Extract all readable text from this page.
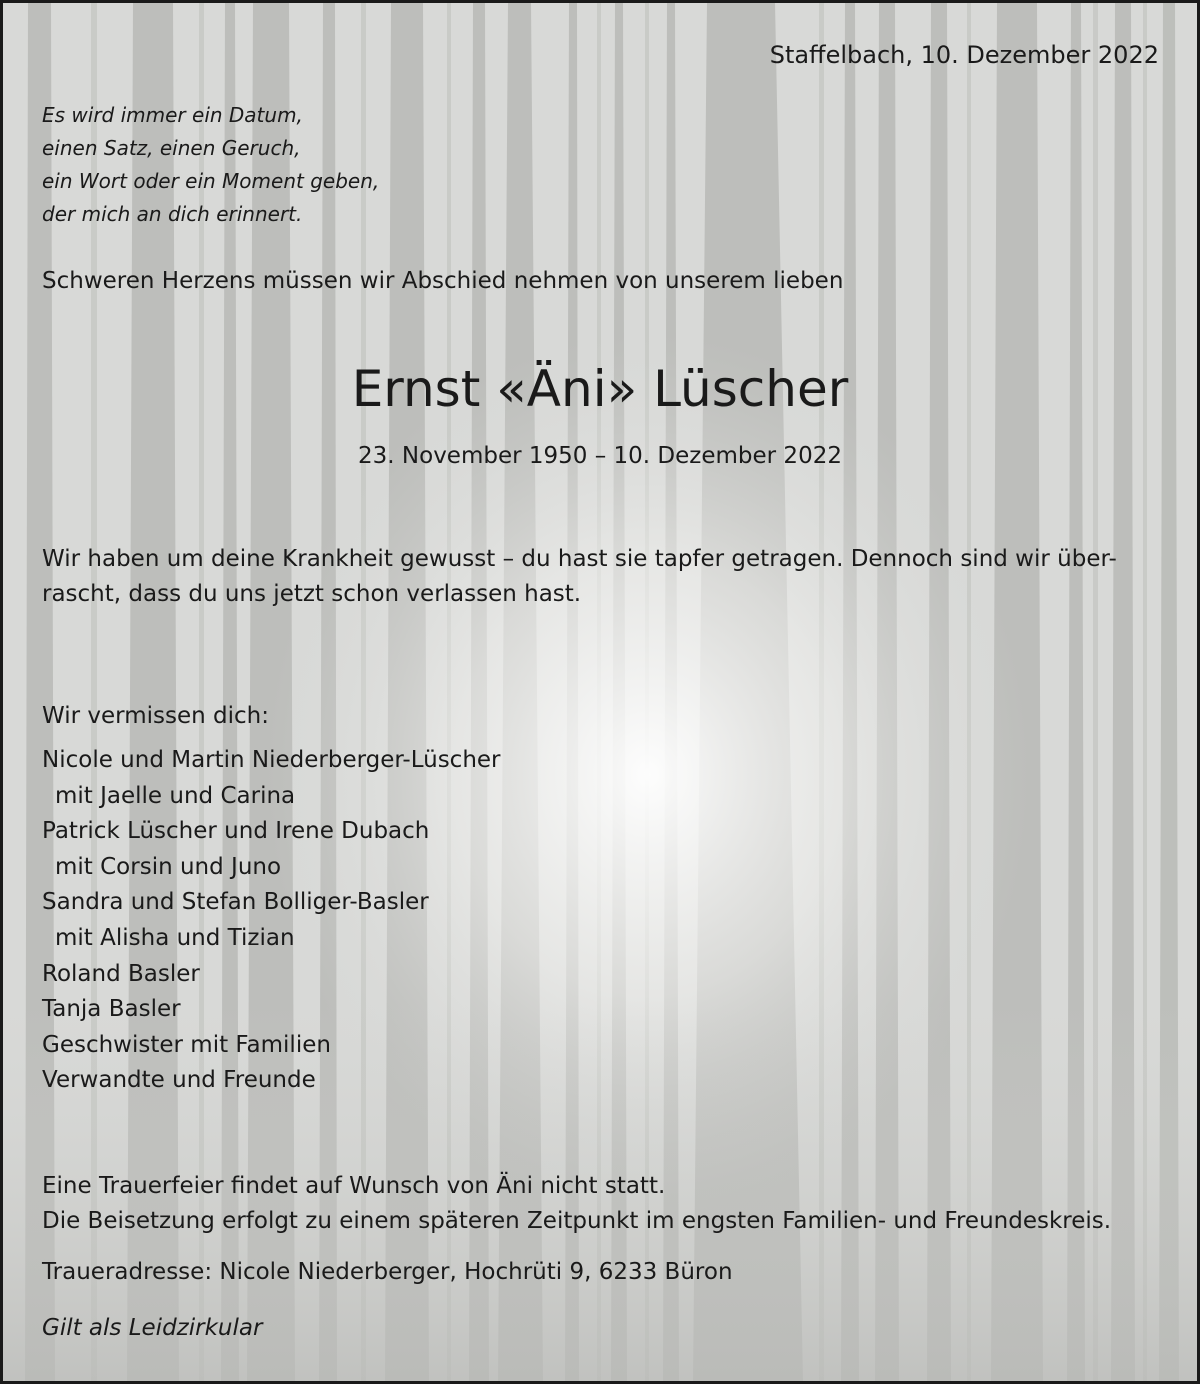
Staffelbach, 10. Dezember 2022
Es wird immer ein Datum,
einen Satz, einen Geruch,
ein Wort oder ein Moment geben,
der mich an dich erinnert.
Schweren Herzens müssen wir Abschied nehmen von unserem lieben
Ernst «Äni» Lüscher
23. November 1950 – 10. Dezember 2022
Wir haben um deine Krankheit gewusst – du hast sie tapfer getragen. Dennoch sind wir über-
rascht, dass du uns jetzt schon verlassen hast.
Wir vermissen dich:
Nicole und Martin Niederberger-Lüscher
mit Jaelle und Carina
Patrick Lüscher und Irene Dubach
mit Corsin und Juno
Sandra und Stefan Bolliger-Basler
mit Alisha und Tizian
Roland Basler
Tanja Basler
Geschwister mit Familien
Verwandte und Freunde
Eine Trauerfeier findet auf Wunsch von Äni nicht statt.
Die Beisetzung erfolgt zu einem späteren Zeitpunkt im engsten Familien- und Freundeskreis.
Traueradresse: Nicole Niederberger, Hochrüti 9, 6233 Büron
Gilt als Leidzirkular
